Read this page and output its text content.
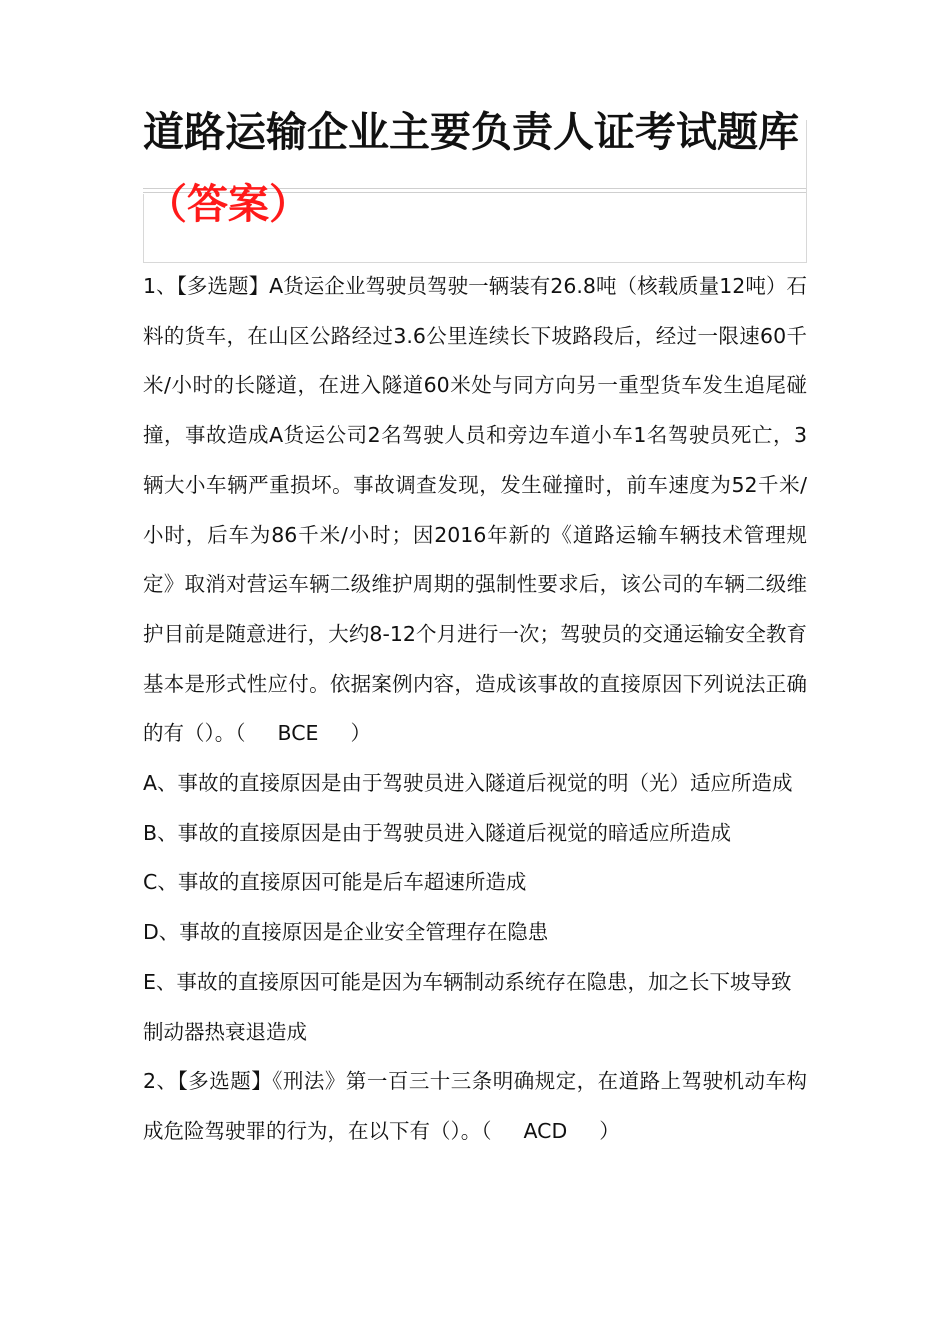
道路运输企业主要负责人证考试题库
（答案）

1、【多选题】A货运企业驾驶员驾驶一辆装有26.8吨（核载质量12吨）石料的货车，在山区公路经过3.6公里连续长下坡路段后，经过一限速60千米/小时的长隧道，在进入隧道60米处与同方向另一重型货车发生追尾碰撞，事故造成A货运公司2名驾驶人员和旁边车道小车1名驾驶员死亡，3辆大小车辆严重损坏。事故调查发现，发生碰撞时，前车速度为52千米/小时，后车为86千米/小时；因2016年新的《道路运输车辆技术管理规定》取消对营运车辆二级维护周期的强制性要求后，该公司的车辆二级维护目前是随意进行，大约8-12个月进行一次；驾驶员的交通运输安全教育基本是形式性应付。依据案例内容，造成该事故的直接原因下列说法正确的有（）。（ BCE ）

A、事故的直接原因是由于驾驶员进入隧道后视觉的明（光）适应所造成

B、事故的直接原因是由于驾驶员进入隧道后视觉的暗适应所造成

C、事故的直接原因可能是后车超速所造成

D、事故的直接原因是企业安全管理存在隐患

E、事故的直接原因可能是因为车辆制动系统存在隐患，加之长下坡导致制动器热衰退造成

2、【多选题】《刑法》第一百三十三条明确规定，在道路上驾驶机动车构成危险驾驶罪的行为，在以下有（）。（ ACD ）
